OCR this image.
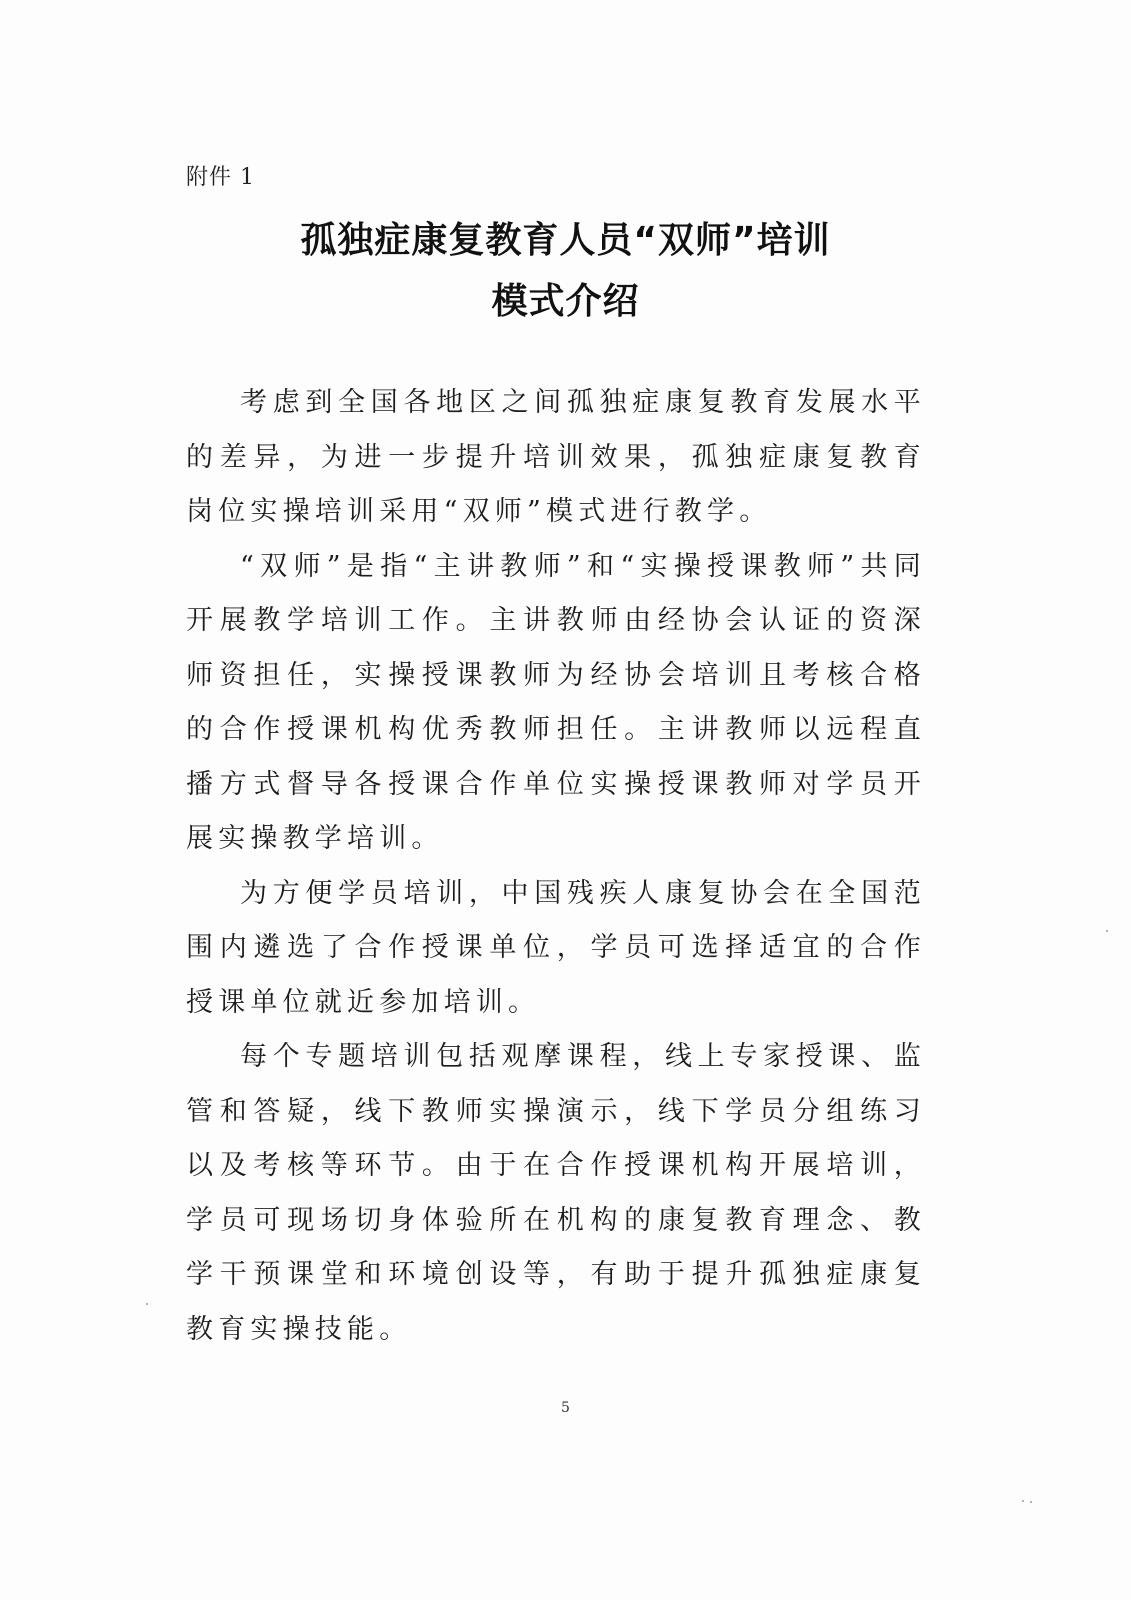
附件 1
孤独症康复教育人员“双师”培训
模式介绍

考虑到全国各地区之间孤独症康复教育发展水平的差异，为进一步提升培训效果，孤独症康复教育岗位实操培训采用“双师”模式进行教学。

“双师”是指“主讲教师”和“实操授课教师”共同开展教学培训工作。主讲教师由经协会认证的资深师资担任，实操授课教师为经协会培训且考核合格的合作授课机构优秀教师担任。主讲教师以远程直播方式督导各授课合作单位实操授课教师对学员开展实操教学培训。

为方便学员培训，中国残疾人康复协会在全国范围内遴选了合作授课单位，学员可选择适宜的合作授课单位就近参加培训。

每个专题培训包括观摩课程，线上专家授课、监管和答疑，线下教师实操演示，线下学员分组练习以及考核等环节。由于在合作授课机构开展培训，学员可现场切身体验所在机构的康复教育理念、教学干预课堂和环境创设等，有助于提升孤独症康复教育实操技能。

5
